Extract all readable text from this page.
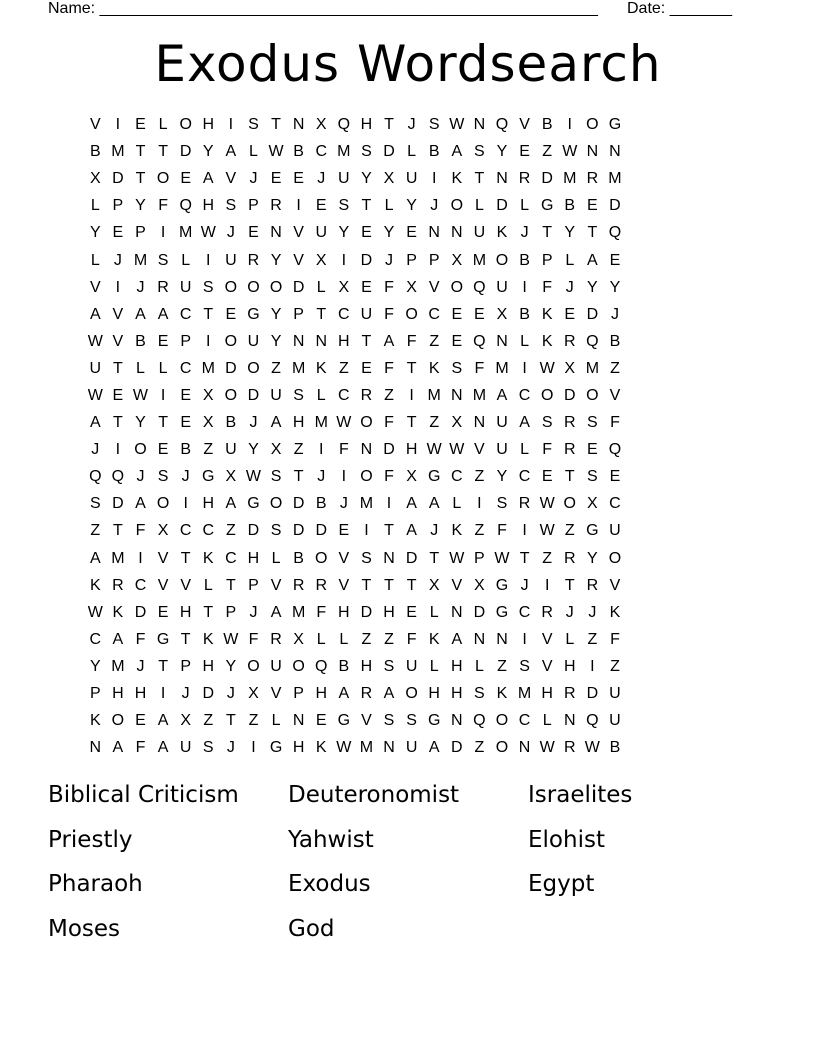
Name: ________________________________________________________ Date: _______
Exodus Wordsearch
V I E L O H I S T N X Q H T J S W N Q V B I O G
B M T T D Y A L W B C M S D L B A S Y E Z W N N
X D T O E A V J E E J U Y X U I K T N R D M R M
L P Y F Q H S P R I E S T L Y J O L D L G B E D
Y E P I M W J E N V U Y E Y E N N U K J T Y T Q
L J M S L I U R Y V X I D J P P X M O B P L A E
V I	J R U S O O O D L X E F X V O Q U I F J Y Y
A V A A C T E G Y P T C U F O C E E X B K E D J
W V B E P I O U Y N N H T A F Z E Q N L K R Q B
U T L L C M D O Z M K Z E F T K S F M I W X M Z
W E W I E X O D U S L C R Z I M N M A C O D O V
A T Y T E X B J A H M W O F T Z X N U A S R S F
J	I O E B Z U Y X Z I F N D H W W V U L F R E Q
Q Q J S J G X W S T J	I O F X G C Z Y C E T S E
S D A O I H A G O D B J M I A A L I S R W O X C
Z T F X C C Z D S D D E I T A J K Z F I W Z G U
A M I V T K C H L B O V S N D T W P W T Z R Y O
K R C V V L T P V R R V T T T X V X G J	I T R V
W K D E H T P J A M F H D H E L N D G C R J J K
C A F G T K W F R X L L Z Z F K A N N I V L Z F
Y M J T P H Y O U O Q B H S U L H L Z S V H I Z
P H H I	J D J X V P H A R A O H H S K M H R D U
K O E A X Z T Z L N E G V S S G N Q O C L N Q U
N A F A U S J	I G H K W M N U A D Z O N W R W B
Biblical Criticism	Deuteronomist	Israelites
Priestly	Yahwist	Elohist
Pharaoh	Exodus	Egypt
Moses	God
